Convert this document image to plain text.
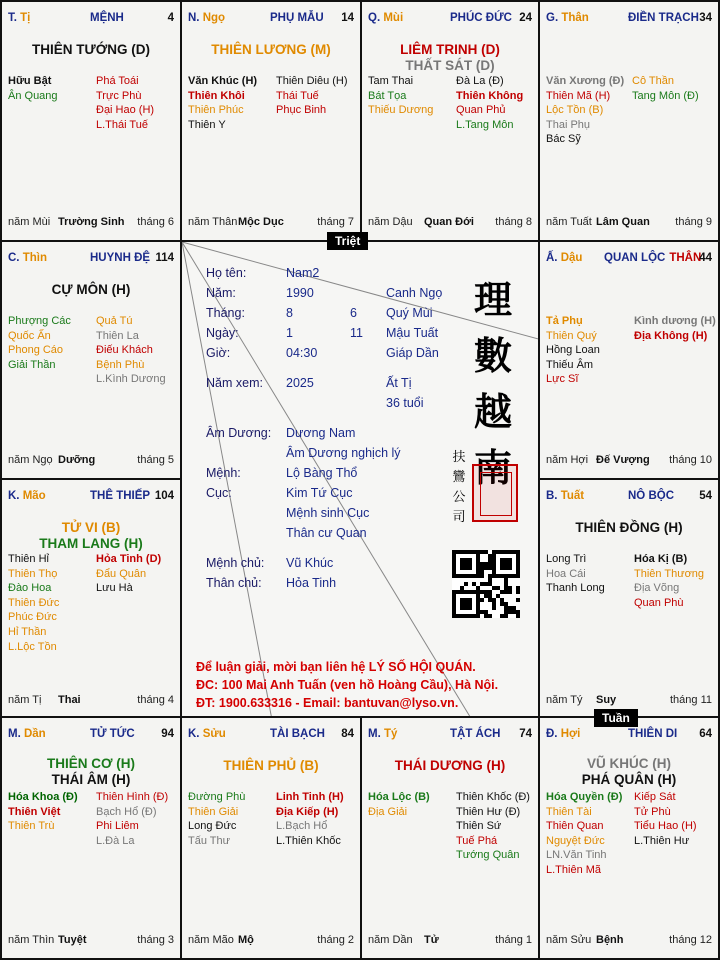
T. Tị	MỆNH	4
THIÊN TƯỚNG (D)
Hữu Bật
Ân Quang
Phá Toái
Trực Phù
Đại Hao (H)
L.Thái Tuế
năm Mùi Trường Sinh tháng 6
N. Ngọ	PHỤ MẪU 14
THIÊN LƯƠNG (M)
Văn Khúc (H)
Thiên Khôi
Thiên Phúc
Thiên Y
Thiên Diêu (H)
Thái Tuế
Phục Binh
năm Thân Mộc Dục	tháng 7
Q. Mùi	PHÚC ĐỨC 24
LIÊM TRINH (D)
THẤT SÁT (D)
Tam Thai
Bát Tọa
Thiếu Dương
Đà La (Đ)
Thiên Không
Quan Phủ
L.Tang Môn
năm Dậu Quan Đới tháng 8
G. Thân	ĐIỀN TRẠCH 34
Văn Xương (Đ)
Thiên Mã (H)
Lộc Tồn (B)
Thai Phụ
Bác Sỹ
Cô Thần
Tang Môn (Đ)
năm Tuất Lâm Quan tháng 9
C. Thìn	HUYNH ĐỆ 114
CỰ MÔN (H)
Phượng Các
Quốc Ấn
Phong Cáo
Giải Thần
Quả Tú
Thiên La
Điếu Khách
Bệnh Phù
L.Kình Dương
năm Ngọ Dưỡng	tháng 5
Ấ. Dậu QUAN LỘC THÂN
44
Tả Phụ
Thiên Quý
Hồng Loan
Thiếu Âm
Lực Sĩ
Kình dương (H)
Địa Không (H)
năm Hợi Đế Vượng tháng 10
K. Mão	THÊ THIẾP 104
TỬ VI (B)
THAM LANG (H)
Thiên Hỉ
Thiên Thọ
Đào Hoa
Thiên Đức
Phúc Đức
Hỉ Thần
L.Lộc Tồn
Hỏa Tinh (D)
Đẩu Quân
Lưu Hà
năm Tị Thai	tháng 4
B. Tuất	NÔ BỘC 54
THIÊN ĐỒNG (H)
Long Trì
Hoa Cái
Thanh Long
Hóa Kị (B)
Thiên Thương
Địa Võng
Quan Phù
năm Tý Suy	tháng 11
M. Dần	TỬ TỨC 94
THIÊN CƠ (H)
THÁI ÂM (H)
Hóa Khoa (Đ)
Thiên Việt
Thiên Trù
Thiên Hình (Đ)
Bạch Hổ (Đ)
Phi Liêm
L.Đà La
năm Thìn Tuyệt	tháng 3
K. Sửu	TÀI BẠCH 84
THIÊN PHỦ (B)
Đường Phù
Thiên Giải
Long Đức
Tấu Thư
Linh Tinh (H)
Địa Kiếp (H)
L.Bạch Hổ
L.Thiên Khốc
năm Mão Mộ	tháng 2
M. Tý	TẬT ÁCH 74
THÁI DƯƠNG (H)
Hóa Lộc (B)
Địa Giải
Thiên Khốc (Đ)
Thiên Hư (Đ)
Thiên Sứ
Tuế Phá
Tướng Quân
năm Dần Tử	tháng 1
Đ. Hợi	THIÊN DI 64
VŨ KHÚC (H)
PHÁ QUÂN (H)
Hóa Quyền (Đ)
Thiên Tài
Thiên Quan
Nguyệt Đức
LN.Văn Tinh
L.Thiên Mã
Kiếp Sát
Tử Phù
Tiểu Hao (H)
L.Thiên Hư
năm Sửu Bệnh	tháng 12
Họ tên:	Nam2
Năm:	1990	Canh Ngọ
Tháng:	8	6 Quý Mùi
Ngày:	1	11 Mậu Tuất
Giờ:	04:30	Giáp Dần
Năm xem: 2025	Ất Tị
36 tuổi
Âm Dương: Dương Nam
Âm Dương nghịch lý
Mệnh:	Lộ Bàng Thổ
Cục:	Kim Tứ Cục
Mệnh sinh Cục
Thân cư Quan
Mệnh chủ: Vũ Khúc
Thân chủ: Hỏa Tinh
理
數
越
南
扶
鸞
公
司
Để luận giải, mời bạn liên hệ LÝ SỐ HỘI QUÁN.
ĐC: 100 Mai Anh Tuấn (ven hồ Hoàng Cầu), Hà Nội.
ĐT: 1900.633316 - Email: bantuvan@lyso.vn.
Triệt
Tuần
